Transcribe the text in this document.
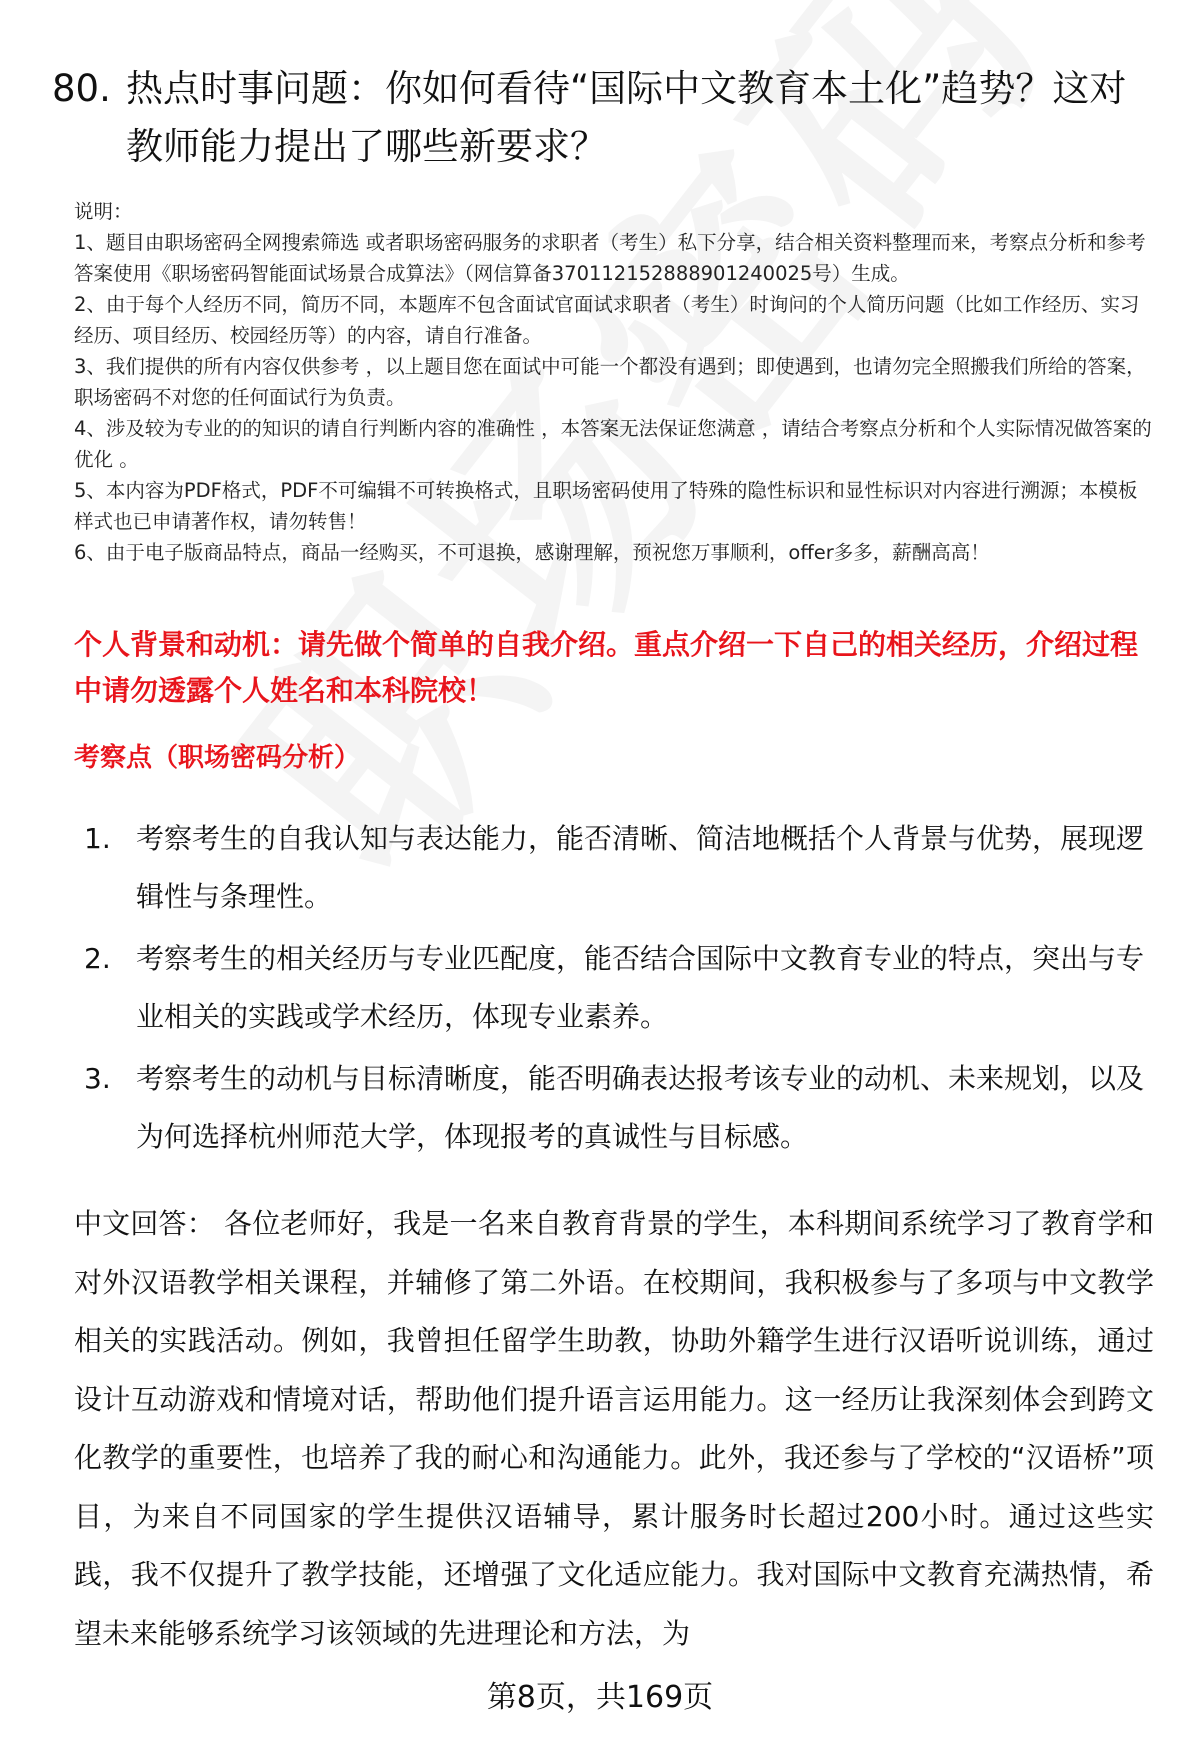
80. 热点时事问题：你如何看待“国际中文教育本土化”趋势？这对教师能力提出了哪些新要求？
说明：
1、题目由职场密码全网搜索筛选 或者职场密码服务的求职者（考生）私下分享，结合相关资料整理而来，考察点分析和参考答案使用《职场密码智能面试场景合成算法》（网信算备370112152888901240025号）生成。
2、由于每个人经历不同，简历不同，本题库不包含面试官面试求职者（考生）时询问的个人简历问题（比如工作经历、实习经历、项目经历、校园经历等）的内容，请自行准备。
3、我们提供的所有内容仅供参考 ，以上题目您在面试中可能一个都没有遇到；即使遇到，也请勿完全照搬我们所给的答案，职场密码不对您的任何面试行为负责。
4、涉及较为专业的的知识的请自行判断内容的准确性 ，本答案无法保证您满意 ，请结合考察点分析和个人实际情况做答案的优化 。
5、本内容为PDF格式，PDF不可编辑不可转换格式，且职场密码使用了特殊的隐性标识和显性标识对内容进行溯源；本模板样式也已申请著作权，请勿转售！
6、由于电子版商品特点，商品一经购买，不可退换，感谢理解，预祝您万事顺利，offer多多，薪酬高高！
个人背景和动机：请先做个简单的自我介绍。重点介绍一下自己的相关经历，介绍过程中请勿透露个人姓名和本科院校！
考察点（职场密码分析）
1. 考察考生的自我认知与表达能力，能否清晰、简洁地概括个人背景与优势，展现逻辑性与条理性。
2. 考察考生的相关经历与专业匹配度，能否结合国际中文教育专业的特点，突出与专业相关的实践或学术经历，体现专业素养。
3. 考察考生的动机与目标清晰度，能否明确表达报考该专业的动机、未来规划，以及为何选择杭州师范大学，体现报考的真诚性与目标感。
中文回答： 各位老师好，我是一名来自教育背景的学生，本科期间系统学习了教育学和对外汉语教学相关课程，并辅修了第二外语。在校期间，我积极参与了多项与中文教学相关的实践活动。例如，我曾担任留学生助教，协助外籍学生进行汉语听说训练，通过设计互动游戏和情境对话，帮助他们提升语言运用能力。这一经历让我深刻体会到跨文化教学的重要性，也培养了我的耐心和沟通能力。此外，我还参与了学校的“汉语桥”项目，为来自不同国家的学生提供汉语辅导，累计服务时长超过200小时。通过这些实践，我不仅提升了教学技能，还增强了文化适应能力。我对国际中文教育充满热情，希望未来能够系统学习该领域的先进理论和方法，为
第8页，共169页
